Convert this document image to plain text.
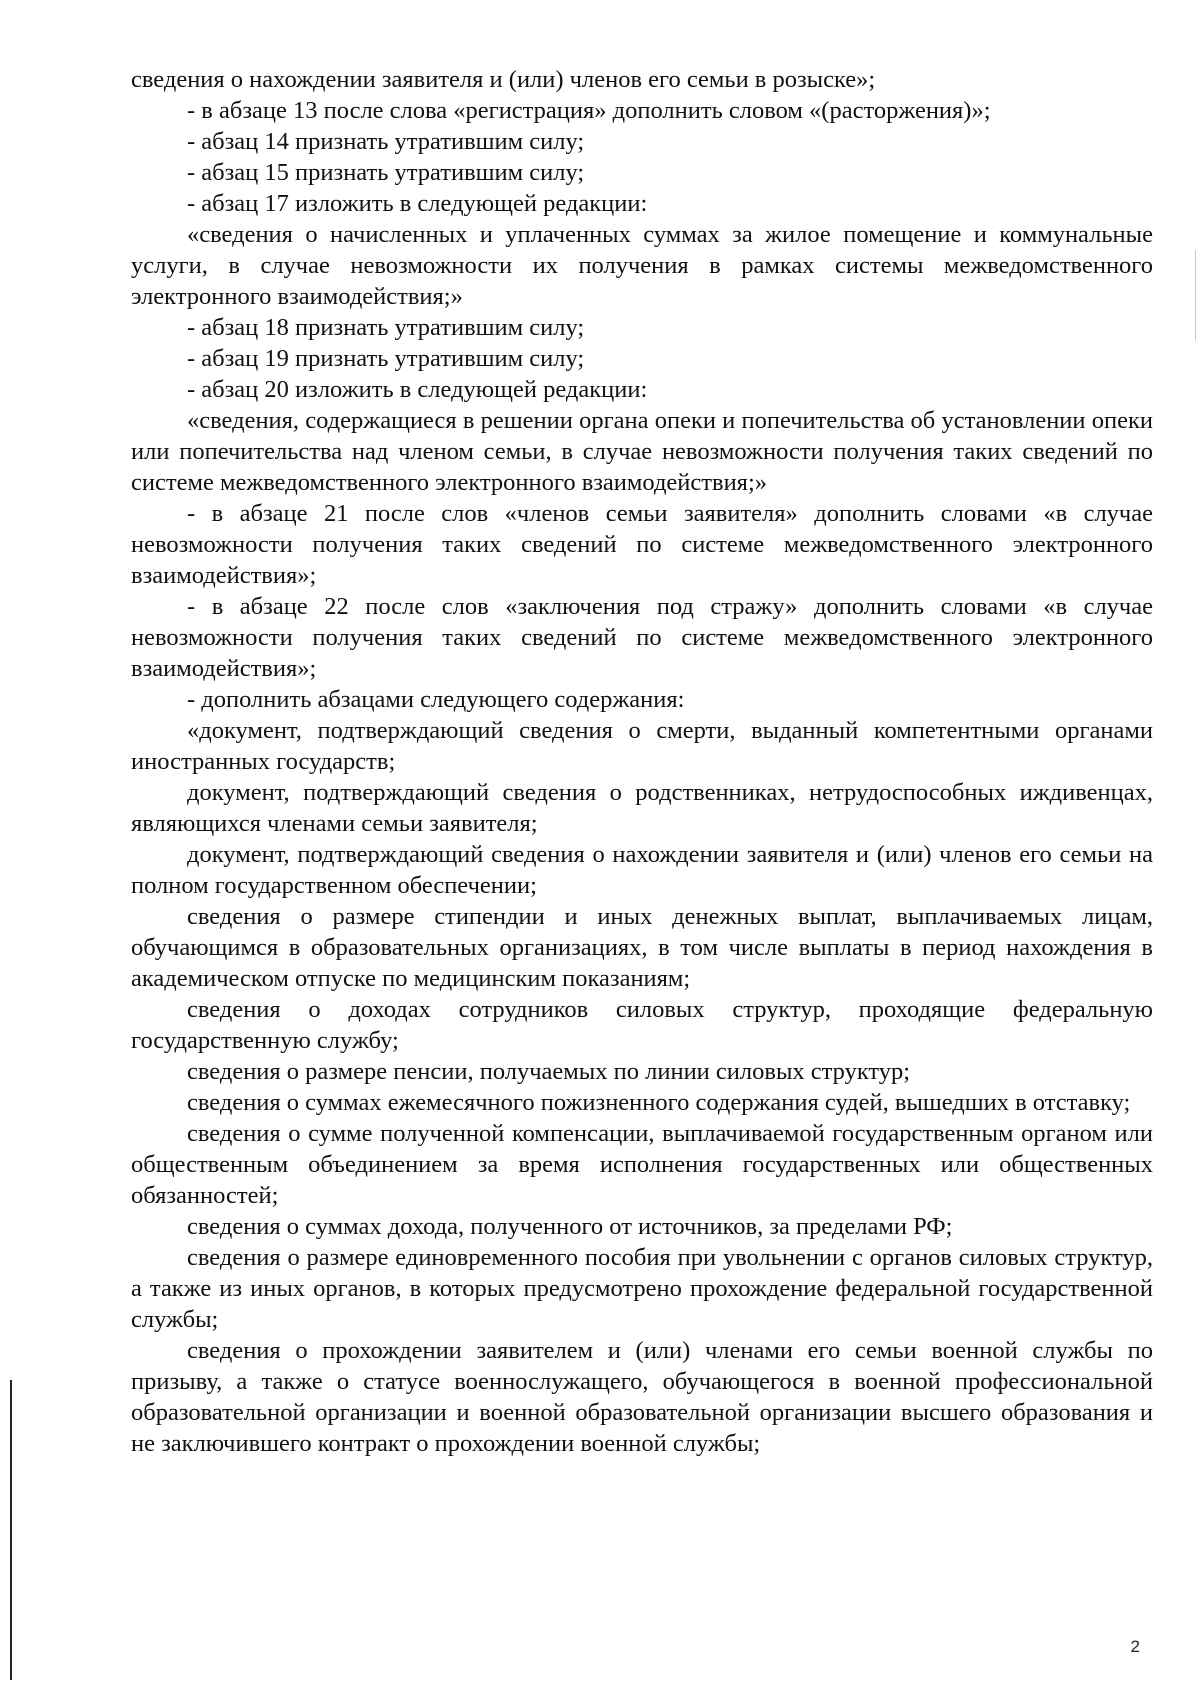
сведения о нахождении заявителя и (или) членов его семьи в розыске»;

- в абзаце 13 после слова «регистрация» дополнить словом «(расторжения)»;

- абзац 14 признать утратившим силу;

- абзац 15 признать утратившим силу;

- абзац 17 изложить в следующей редакции:

«сведения о начисленных и уплаченных суммах за жилое помещение и коммунальные услуги, в случае невозможности их получения в рамках системы межведомственного электронного взаимодействия;»

- абзац 18 признать утратившим силу;

- абзац 19 признать утратившим силу;

- абзац 20 изложить в следующей редакции:

«сведения, содержащиеся в решении органа опеки и попечительства об установлении опеки или попечительства над членом семьи, в случае невозможности получения таких сведений по системе межведомственного электронного взаимодействия;»

- в абзаце 21 после слов «членов семьи заявителя» дополнить словами «в случае невозможности получения таких сведений по системе межведомственного электронного взаимодействия»;

- в абзаце 22 после слов «заключения под стражу» дополнить словами «в случае невозможности получения таких сведений по системе межведомственного электронного взаимодействия»;

- дополнить абзацами следующего содержания:

«документ, подтверждающий сведения о смерти, выданный компетентными органами иностранных государств;

документ, подтверждающий сведения о родственниках, нетрудоспособных иждивенцах, являющихся членами семьи заявителя;

документ, подтверждающий сведения о нахождении заявителя и (или) членов его семьи на полном государственном обеспечении;

сведения о размере стипендии и иных денежных выплат, выплачиваемых лицам, обучающимся в образовательных организациях, в том числе выплаты в период нахождения в академическом отпуске по медицинским показаниям;

сведения о доходах сотрудников силовых структур, проходящие федеральную государственную службу;

сведения о размере пенсии, получаемых по линии силовых структур;

сведения о суммах ежемесячного пожизненного содержания судей, вышедших в отставку;

сведения о сумме полученной компенсации, выплачиваемой государственным органом или общественным объединением за время исполнения государственных или общественных обязанностей;

сведения о суммах дохода, полученного от источников, за пределами РФ;

сведения о размере единовременного пособия при увольнении с органов силовых структур, а также из иных органов, в которых предусмотрено прохождение федеральной государственной службы;

сведения о прохождении заявителем и (или) членами его семьи военной службы по призыву, а также о статусе военнослужащего, обучающегося в военной профессиональной образовательной организации и военной образовательной организации высшего образования и не заключившего контракт о прохождении военной службы;

2
